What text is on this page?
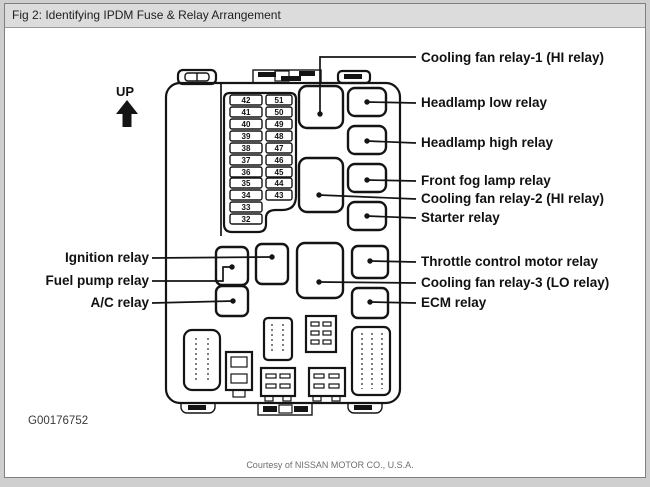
Fig 2: Identifying IPDM Fuse & Relay Arrangement
UP
42
41
40
39
38
37
36
35
34
33
32
51
50
49
48
47
46
45
44
43
Cooling fan relay-1 (HI relay)
Headlamp low relay
Headlamp high relay
Front fog lamp relay
Cooling fan relay-2 (HI relay)
Starter relay
Throttle control motor relay
Cooling fan relay-3 (LO relay)
ECM relay
Ignition relay
Fuel pump relay
A/C relay
G00176752
Courtesy of NISSAN MOTOR CO., U.S.A.
